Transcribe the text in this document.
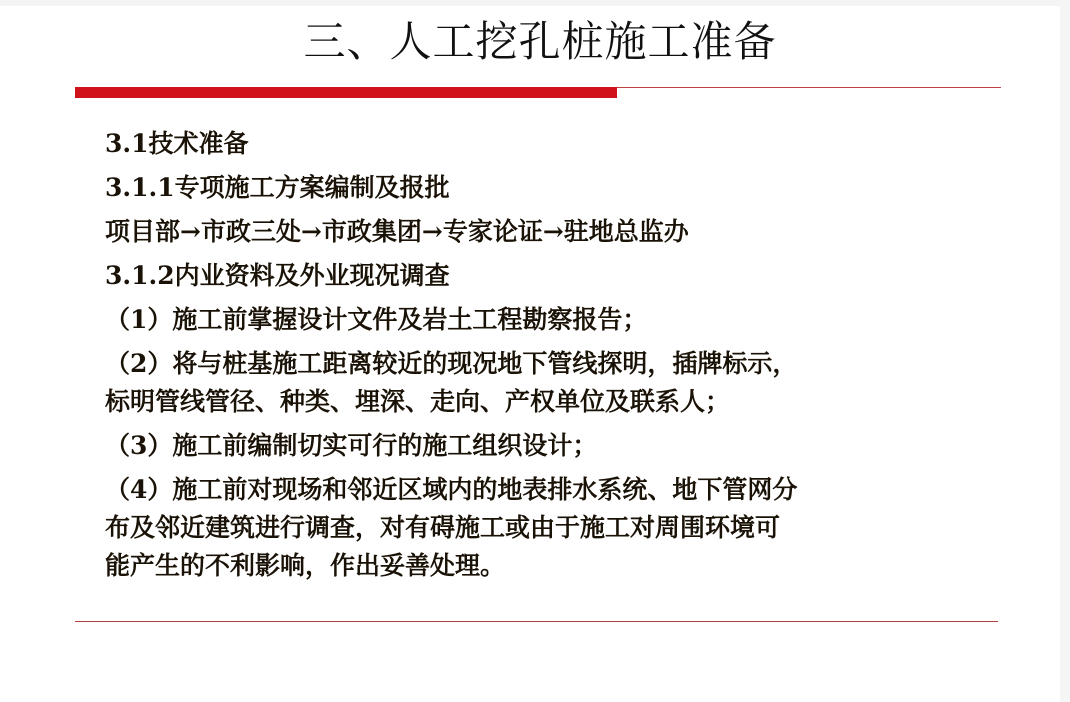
三、人工挖孔桩施工准备

3.1技术准备

3.1.1专项施工方案编制及报批

项目部→市政三处→市政集团→专家论证→驻地总监办

3.1.2内业资料及外业现况调查

（1）施工前掌握设计文件及岩土工程勘察报告；

（2）将与桩基施工距离较近的现况地下管线探明，插牌标示，

标明管线管径、种类、埋深、走向、产权单位及联系人；

（3）施工前编制切实可行的施工组织设计；

（4）施工前对现场和邻近区域内的地表排水系统、地下管网分

布及邻近建筑进行调查，对有碍施工或由于施工对周围环境可

能产生的不利影响，作出妥善处理。
